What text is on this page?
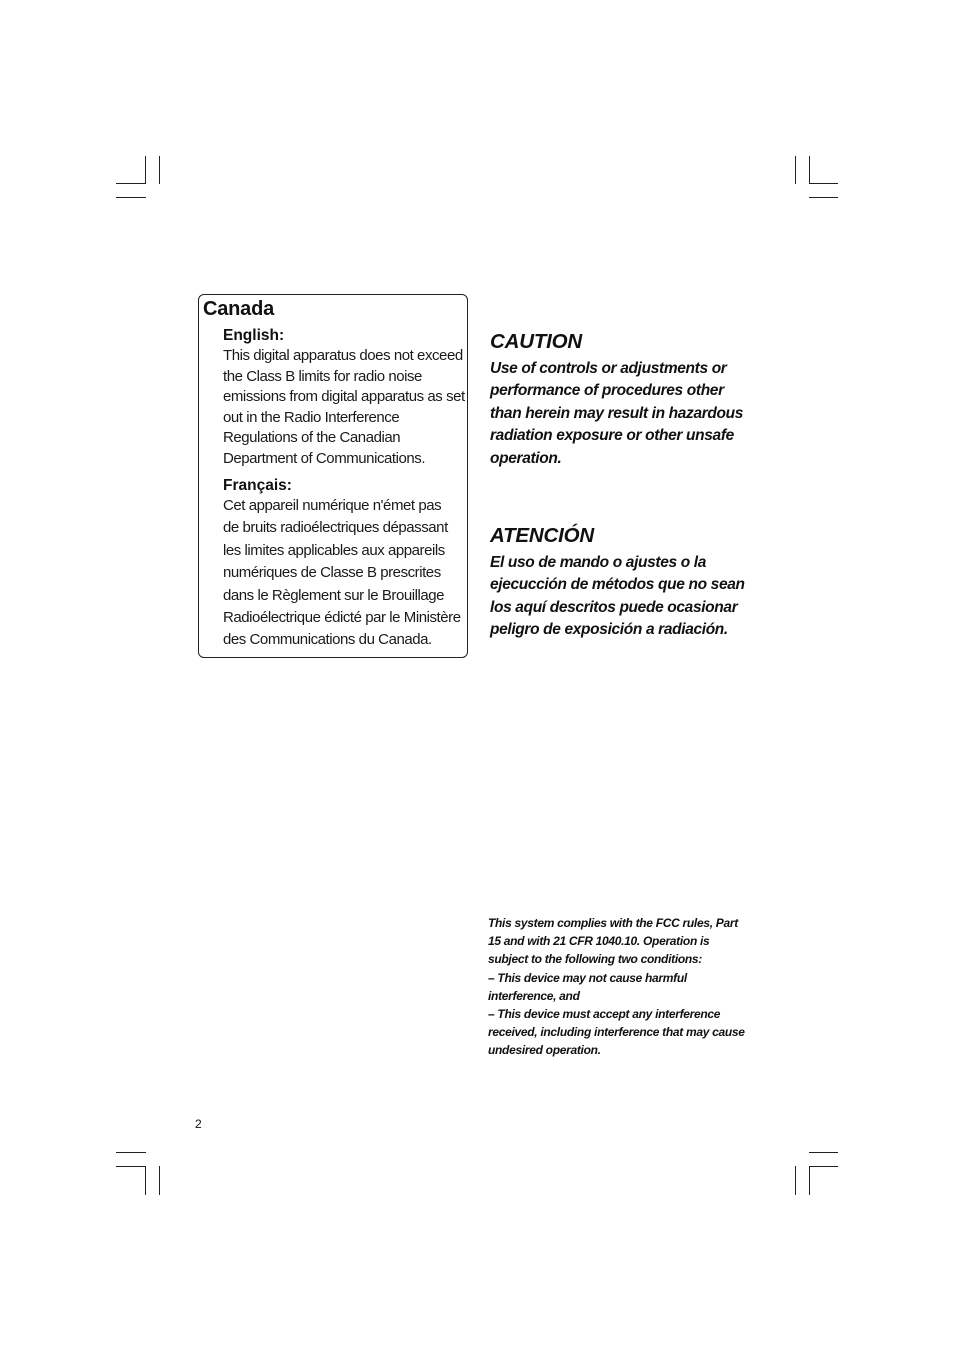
Canada
English:
This digital apparatus does not exceed
the Class B limits for radio noise
emissions from digital apparatus as set
out in the Radio Interference
Regulations of the Canadian
Department of Communications.
Français:
Cet appareil numérique n'émet pas
de bruits radioélectriques dépassant
les limites applicables aux appareils
numériques de Classe B prescrites
dans le Règlement sur le Brouillage
Radioélectrique édicté par le Ministère
des Communications du Canada.
CAUTION
Use of controls or adjustments or
performance of procedures other
than herein may result in hazardous
radiation exposure or other unsafe
operation.
ATENCIÓN
El uso de mando o ajustes o la
ejecucción de métodos que no sean
los aquí descritos puede ocasionar
peligro de exposición a radiación.
This system complies with the FCC rules, Part
15 and with 21 CFR 1040.10. Operation is
subject to the following two conditions:
– This device may not cause harmful
interference, and
– This device must accept any interference
received, including interference that may cause
undesired operation.
2
